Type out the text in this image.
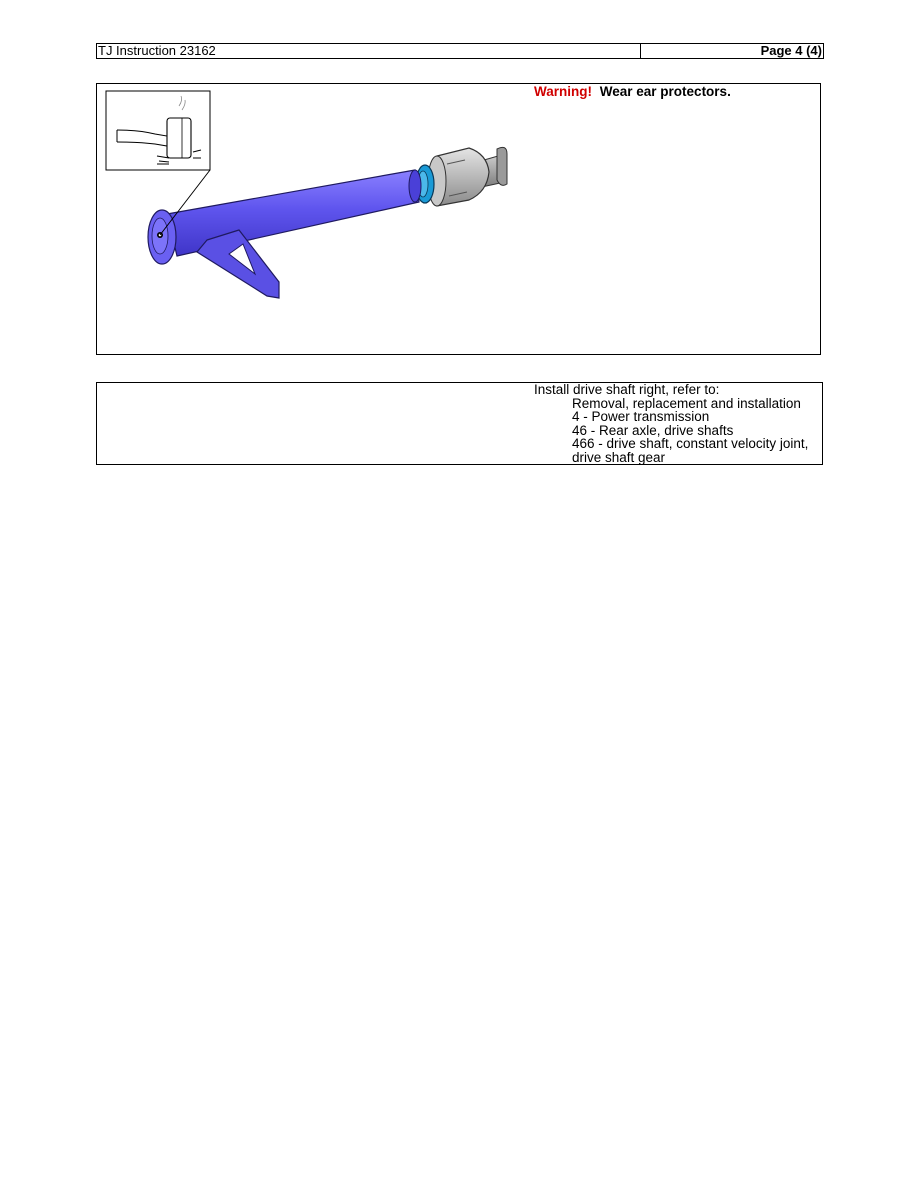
TJ Instruction 23162	Page 4 (4)
Warning! Wear ear protectors.
Install drive shaft right, refer to:
Removal, replacement and installation
4 - Power transmission
46 - Rear axle, drive shafts
466 - drive shaft, constant velocity joint,
drive shaft gear
